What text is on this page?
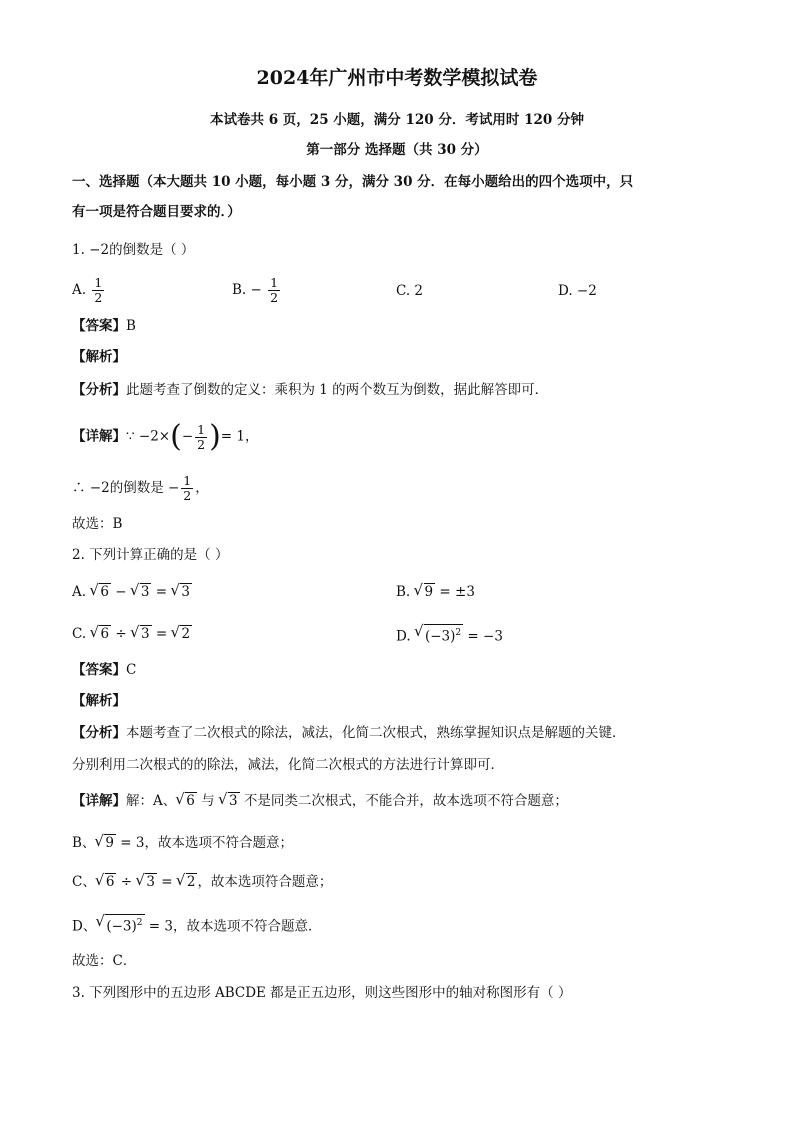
2024年广州市中考数学模拟试卷
本试卷共 6 页，25 小题，满分 120 分．考试用时 120 分钟
第一部分 选择题（共 30 分）
一、选择题（本大题共 10 小题，每小题 3 分，满分 30 分．在每小题给出的四个选项中，只
有一项是符合题目要求的．）
1. −2的倒数是（ ）
A. $\frac{1}{2}$	B. − $\frac{1}{2}$	C. 2	D. −2
【答案】B
【解析】
【分析】此题考查了倒数的定义：乘积为 1 的两个数互为倒数，据此解答即可．
【详解】∵ $-2\times(- \frac{1}{2}$ )= 1，
∴ −2的倒数是 − $\frac{1}{2}$ ，
故选：B
2. 下列计算正确的是（ ）
A. √ 6 − √ 3 = √ 3	B. √ 9 = ±3
C. √ 6 ÷ √ 3 = √ 2	D. √ $(-3)^2 = -3$
【答案】C
【解析】
【分析】本题考查了二次根式的除法，减法，化简二次根式，熟练掌握知识点是解题的关键．
分别利用二次根式的的除法，减法，化简二次根式的方法进行计算即可．
【详解】解：A、 √ 6 与 √ 3 不是同类二次根式，不能合并，故本选项不符合题意；
B、 √ 9 = 3，故本选项不符合题意；
C、 √ 6 ÷ √ 3 = √ 2 ，故本选项符合题意；
D、 √ $(-3)^2 = 3$，故本选项不符合题意．
故选：C．
3. 下列图形中的五边形 ABCDE 都是正五边形，则这些图形中的轴对称图形有（ ）
